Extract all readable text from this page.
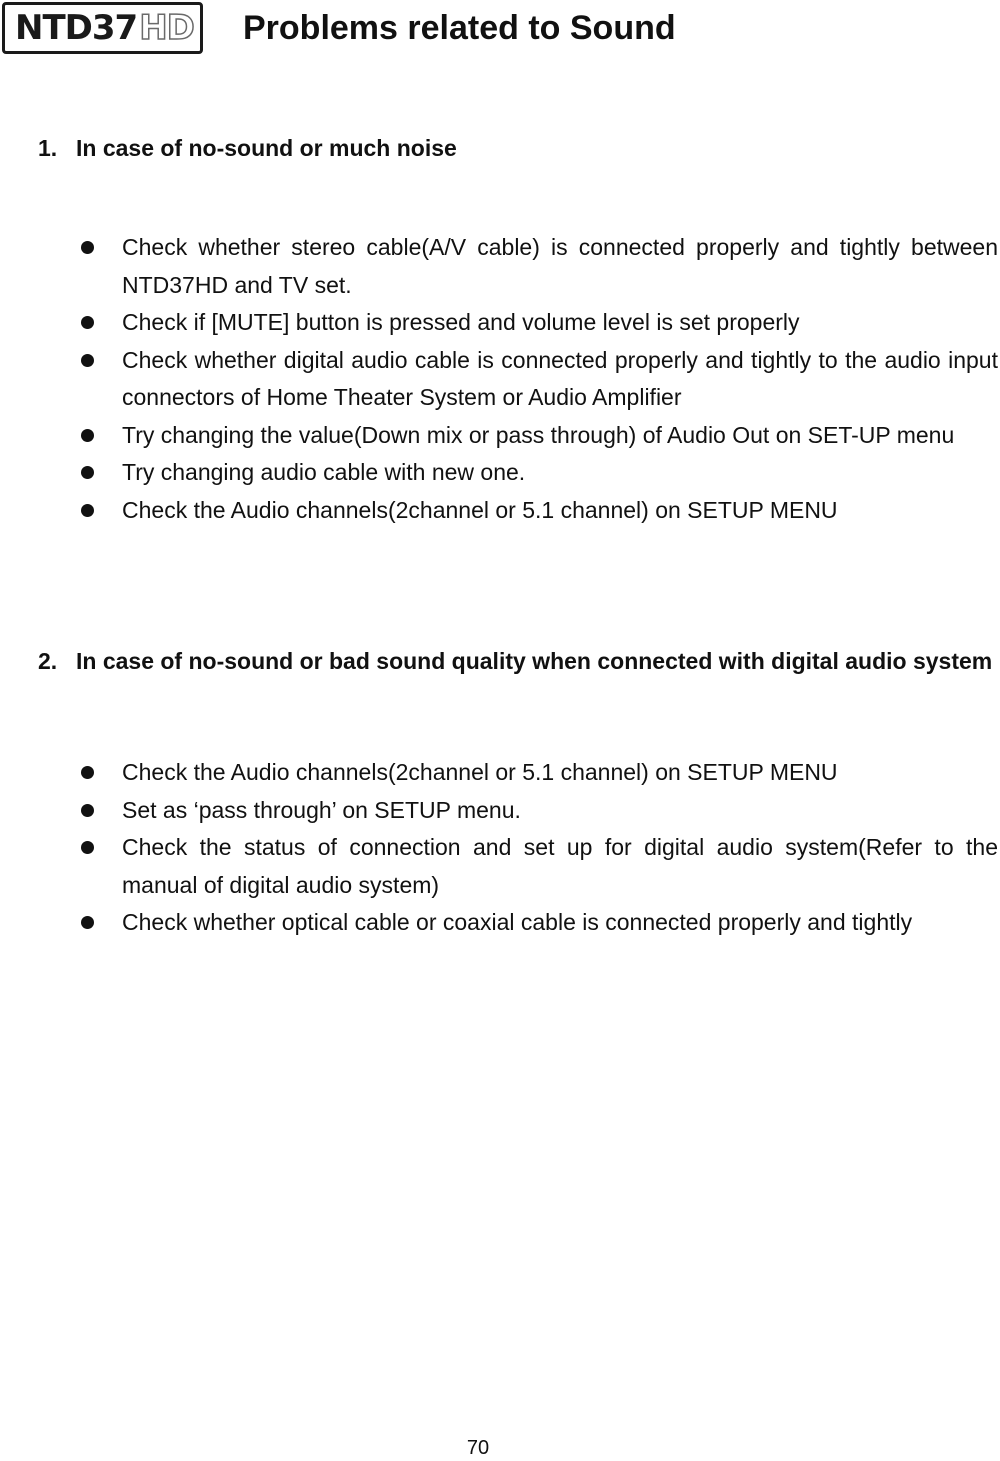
NTD37 HD Problems related to Sound
1. In case of no-sound or much noise
Check whether stereo cable(A/V cable) is connected properly and tightly between NTD37HD and TV set.
Check if [MUTE] button is pressed and volume level is set properly
Check whether digital audio cable is connected properly and tightly to the audio input connectors of Home Theater System or Audio Amplifier
Try changing the value(Down mix or pass through) of Audio Out on SET-UP menu
Try changing audio cable with new one.
Check the Audio channels(2channel or 5.1 channel) on SETUP MENU
2. In case of no-sound or bad sound quality when connected with digital audio system
Check the Audio channels(2channel or 5.1 channel) on SETUP MENU
Set as ‘pass through’ on SETUP menu.
Check the status of connection and set up for digital audio system(Refer to the manual of digital audio system)
Check whether optical cable or coaxial cable is connected properly and tightly
70
